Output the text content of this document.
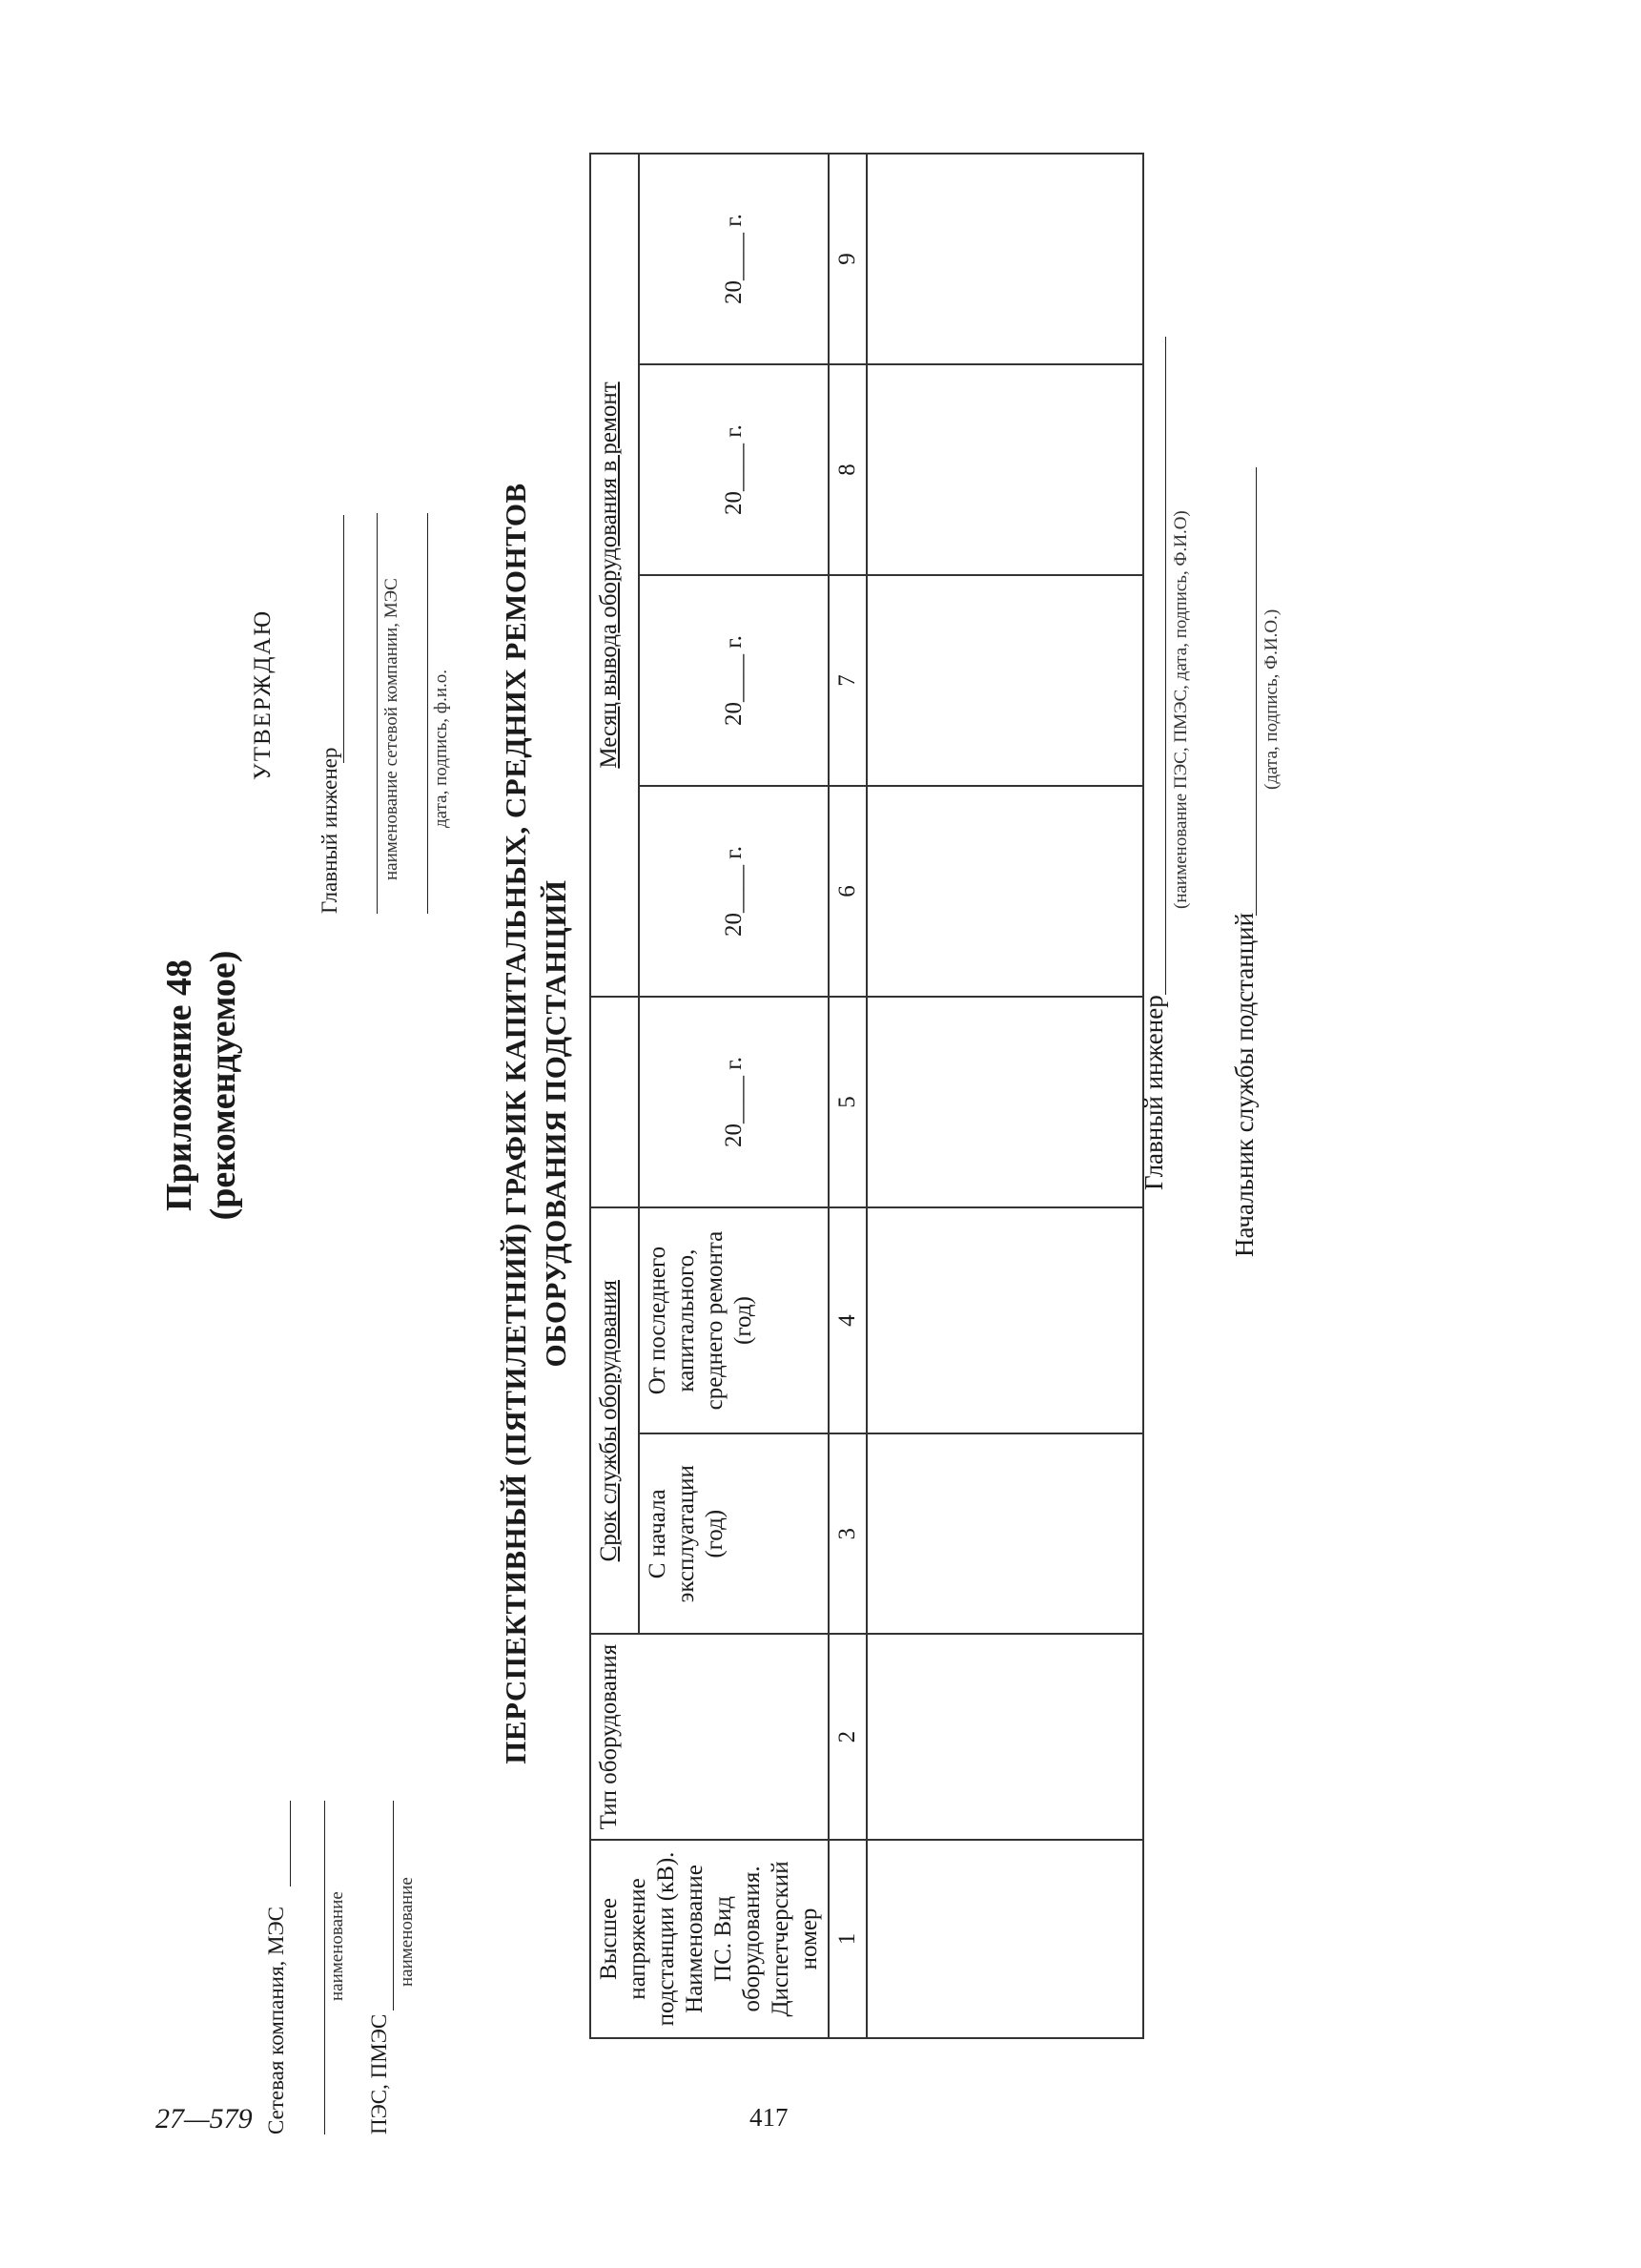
27—579	417
Приложение 48 (рекомендуемое)
УТВЕРЖДАЮ
Главный инженер наименование сетевой компании, МЭС дата, подпись, ф.и.о.
Сетевая компания, МЭС наименование
ПЭС, ПМЭС
наименование
ПЕРСПЕКТИВНЫЙ (ПЯТИЛЕТНИЙ) ГРАФИК КАПИТАЛЬНЫХ, СРЕДНИХ РЕМОНТОВ ОБОРУДОВАНИЯ ПОДСТАНЦИЙ
Высшее напряжение подстанции (кВ). Наименование ПС. Вид оборудования. Диспетчерский номер	Тип оборудования	Срок службы оборудования			Месяц вывода оборудования в ремонт			
		С начала эксплуатации (год)	От последнего капитального, среднего ремонта (год)	20____ г.	20____ г.	20____ г.	20____ г.	20____ г.
1	2	3	4	5	6	7	8	9

Главный инженер
(наименование ПЭС, ПМЭС, дата, подпись, Ф.И.О)
Начальник службы подстанций
(дата, подпись, Ф.И.О.)
